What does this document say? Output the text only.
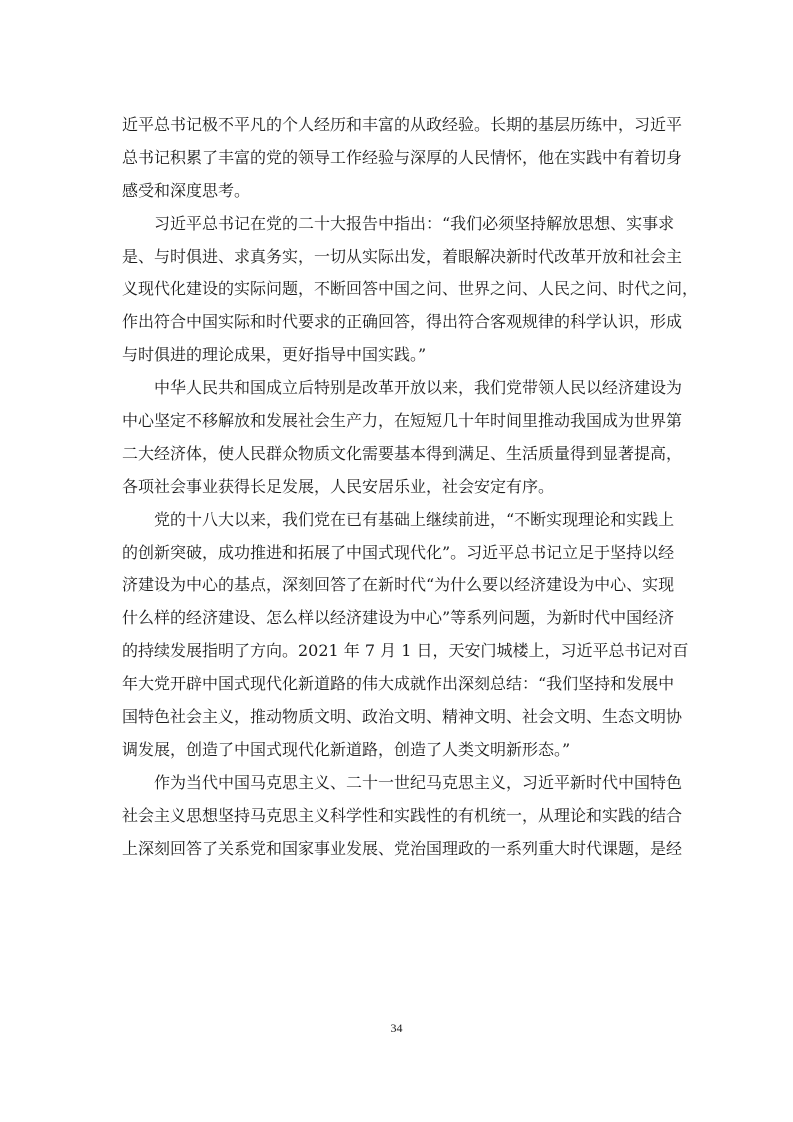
近平总书记极不平凡的个人经历和丰富的从政经验。长期的基层历练中，习近平
总书记积累了丰富的党的领导工作经验与深厚的人民情怀，他在实践中有着切身
感受和深度思考。
习近平总书记在党的二十大报告中指出：“我们必须坚持解放思想、实事求
是、与时俱进、求真务实，一切从实际出发，着眼解决新时代改革开放和社会主
义现代化建设的实际问题，不断回答中国之问、世界之问、人民之问、时代之问，
作出符合中国实际和时代要求的正确回答，得出符合客观规律的科学认识，形成
与时俱进的理论成果，更好指导中国实践。”
中华人民共和国成立后特别是改革开放以来，我们党带领人民以经济建设为
中心坚定不移解放和发展社会生产力，在短短几十年时间里推动我国成为世界第
二大经济体，使人民群众物质文化需要基本得到满足、生活质量得到显著提高，
各项社会事业获得长足发展，人民安居乐业，社会安定有序。
党的十八大以来，我们党在已有基础上继续前进，“不断实现理论和实践上
的创新突破，成功推进和拓展了中国式现代化”。习近平总书记立足于坚持以经
济建设为中心的基点，深刻回答了在新时代“为什么要以经济建设为中心、实现
什么样的经济建设、怎么样以经济建设为中心”等系列问题，为新时代中国经济
的持续发展指明了方向。2021 年 7 月 1 日，天安门城楼上，习近平总书记对百
年大党开辟中国式现代化新道路的伟大成就作出深刻总结：“我们坚持和发展中
国特色社会主义，推动物质文明、政治文明、精神文明、社会文明、生态文明协
调发展，创造了中国式现代化新道路，创造了人类文明新形态。”
作为当代中国马克思主义、二十一世纪马克思主义，习近平新时代中国特色
社会主义思想坚持马克思主义科学性和实践性的有机统一，从理论和实践的结合
上深刻回答了关系党和国家事业发展、党治国理政的一系列重大时代课题，是经
34
